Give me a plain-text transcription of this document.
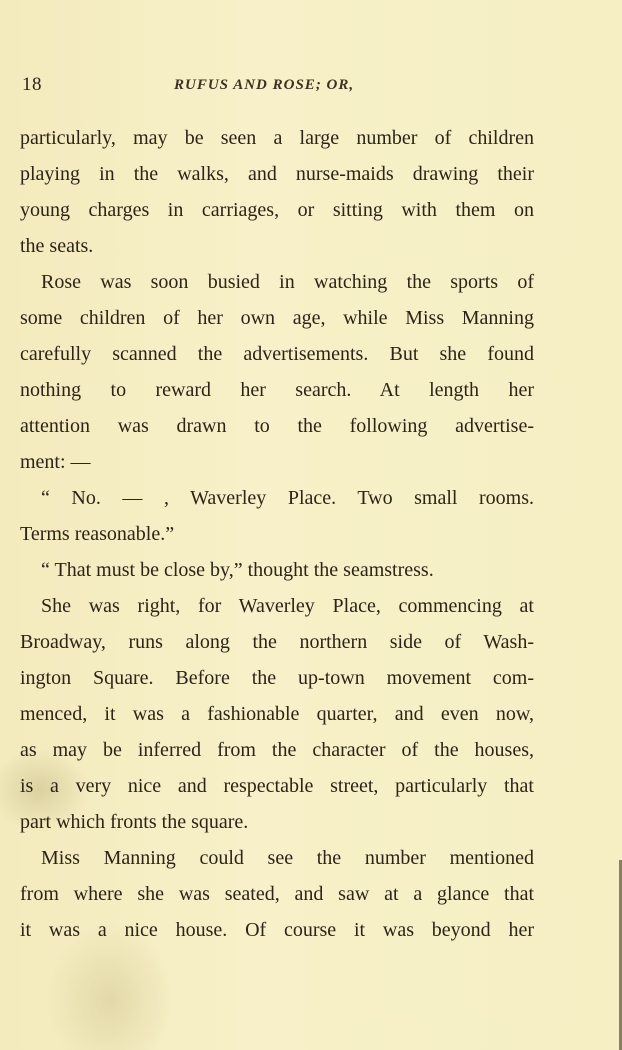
18	RUFUS AND ROSE; OR,
particularly, may be seen a large number of children
playing in the walks, and nurse-maids drawing their
young charges in carriages, or sitting with them on
the seats.
Rose was soon busied in watching the sports of
some children of her own age, while Miss Manning
carefully scanned the advertisements. But she found
nothing to reward her search. At length her
attention was drawn to the following advertise-
ment: —
“ No. — , Waverley Place. Two small rooms.
Terms reasonable.”
“ That must be close by,” thought the seamstress.
She was right, for Waverley Place, commencing at
Broadway, runs along the northern side of Wash-
ington Square. Before the up-town movement com-
menced, it was a fashionable quarter, and even now,
as may be inferred from the character of the houses,
is a very nice and respectable street, particularly that
part which fronts the square.
Miss Manning could see the number mentioned
from where she was seated, and saw at a glance that
it was a nice house. Of course it was beyond her
